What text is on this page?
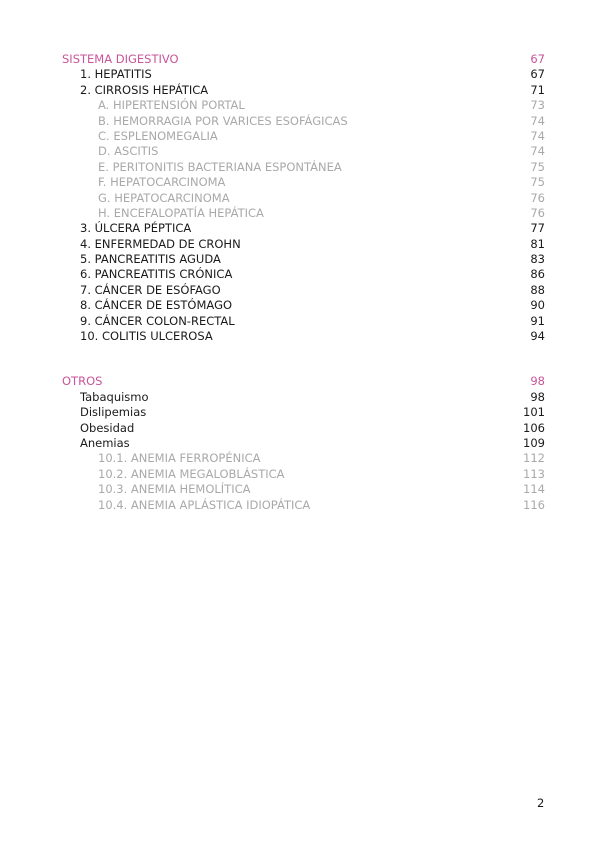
SISTEMA DIGESTIVO	67
1. HEPATITIS	67
2. CIRROSIS HEPÁTICA	71
A. HIPERTENSIÓN PORTAL	73
B. HEMORRAGIA POR VARICES ESOFÁGICAS	74
C. ESPLENOMEGALIA	74
D. ASCITIS	74
E. PERITONITIS BACTERIANA ESPONTÁNEA	75
F. HEPATOCARCINOMA	75
G. HEPATOCARCINOMA	76
H. ENCEFALOPATÍA HEPÁTICA	76
3. ÚLCERA PÉPTICA	77
4. ENFERMEDAD DE CROHN	81
5. PANCREATITIS AGUDA	83
6. PANCREATITIS CRÓNICA	86
7. CÁNCER DE ESÓFAGO	88
8. CÁNCER DE ESTÓMAGO	90
9. CÁNCER COLON-RECTAL	91
10. COLITIS ULCEROSA	94
OTROS	98
Tabaquismo	98
Dislipemias	101
Obesidad	106
Anemias	109
10.1. ANEMIA FERROPÉNICA	112
10.2. ANEMIA MEGALOBLÁSTICA	113
10.3. ANEMIA HEMOLÍTICA	114
10.4. ANEMIA APLÁSTICA IDIOPÁTICA	116
2
